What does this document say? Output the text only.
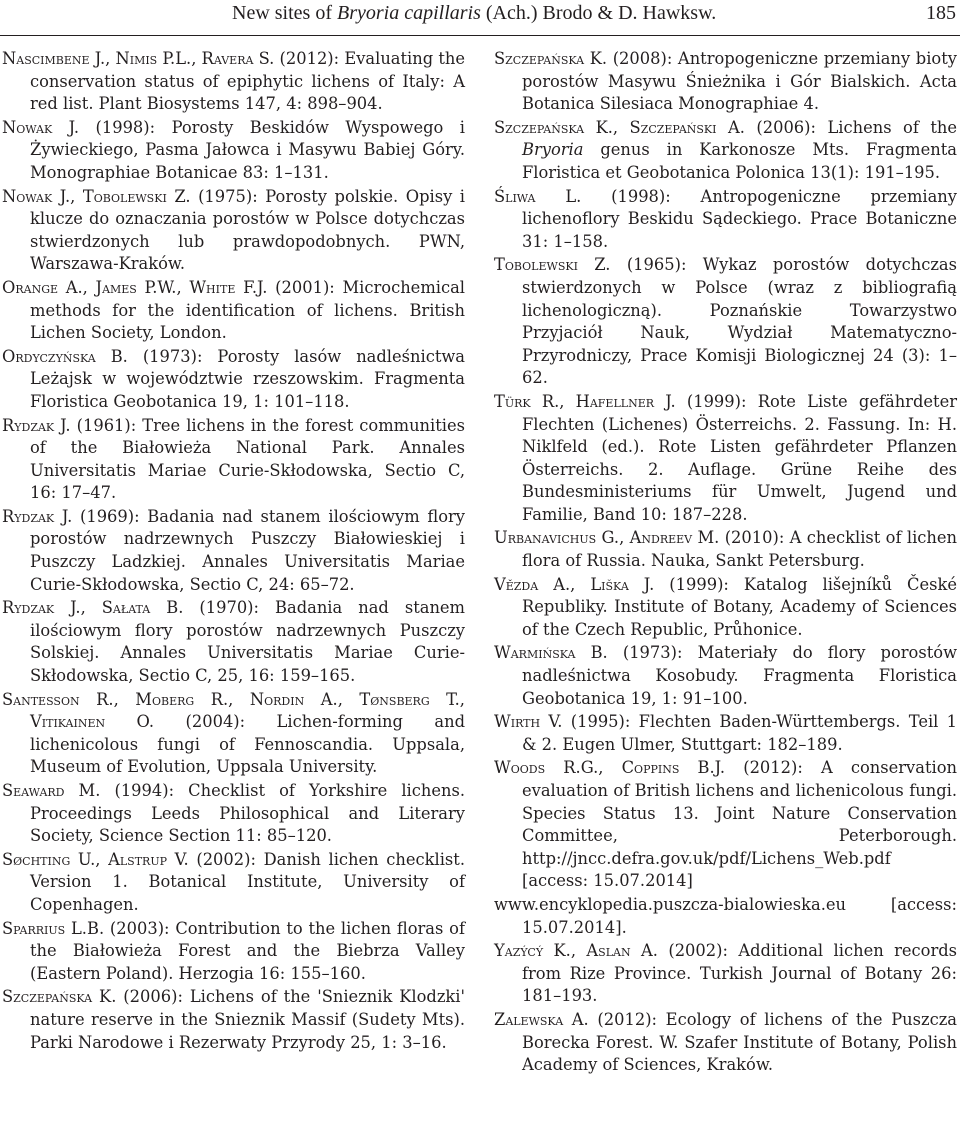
New sites of Bryoria capillaris (Ach.) Brodo & D. Hawksw.	185

Nascimbene J., Nimis P.L., Ravera S. (2012): Evaluating the conservation status of epiphytic lichens of Italy: A red list. Plant Biosystems 147, 4: 898–904.

Nowak J. (1998): Porosty Beskidów Wyspowego i Żywieckiego, Pasma Jałowca i Masywu Babiej Góry. Monographiae Botanicae 83: 1–131.

Nowak J., Tobolewski Z. (1975): Porosty polskie. Opisy i klucze do oznaczania porostów w Polsce dotychczas stwierdzonych lub prawdopodobnych. PWN, Warszawa-Kraków.

Orange A., James P.W., White F.J. (2001): Microchemical methods for the identification of lichens. British Lichen Society, London.

Ordyczyńska B. (1973): Porosty lasów nadleśnictwa Leżajsk w województwie rzeszowskim. Fragmenta Floristica Geobotanica 19, 1: 101–118.

Rydzak J. (1961): Tree lichens in the forest communities of the Białowieża National Park. Annales Universitatis Mariae Curie-Skłodowska, Sectio C, 16: 17–47.

Rydzak J. (1969): Badania nad stanem ilościowym flory porostów nadrzewnych Puszczy Białowieskiej i Puszczy Ladzkiej. Annales Universitatis Mariae Curie-Skłodowska, Sectio C, 24: 65–72.

Rydzak J., Sałata B. (1970): Badania nad stanem ilościowym flory porostów nadrzewnych Puszczy Solskiej. Annales Universitatis Mariae Curie-Skłodowska, Sectio C, 25, 16: 159–165.

Santesson R., Moberg R., Nordin A., Tønsberg T., Vitikainen O. (2004): Lichen-forming and lichenicolous fungi of Fennoscandia. Uppsala, Museum of Evolution, Uppsala University.

Seaward M. (1994): Checklist of Yorkshire lichens. Proceedings Leeds Philosophical and Literary Society, Science Section 11: 85–120.

Søchting U., Alstrup V. (2002): Danish lichen checklist. Version 1. Botanical Institute, University of Copenhagen.

Sparrius L.B. (2003): Contribution to the lichen floras of the Białowieża Forest and the Biebrza Valley (Eastern Poland). Herzogia 16: 155–160.

Szczepańska K. (2006): Lichens of the 'Snieznik Klodzki' nature reserve in the Snieznik Massif (Sudety Mts). Parki Narodowe i Rezerwaty Przyrody 25, 1: 3–16.

Szczepańska K. (2008): Antropogeniczne przemiany bioty porostów Masywu Śnieżnika i Gór Bialskich. Acta Botanica Silesiaca Monographiae 4.

Szczepańska K., Szczepański A. (2006): Lichens of the Bryoria genus in Karkonosze Mts. Fragmenta Floristica et Geobotanica Polonica 13(1): 191–195.

Śliwa L. (1998): Antropogeniczne przemiany lichenoflory Beskidu Sądeckiego. Prace Botaniczne 31: 1–158.

Tobolewski Z. (1965): Wykaz porostów dotychczas stwierdzonych w Polsce (wraz z bibliografią lichenologiczną). Poznańskie Towarzystwo Przyjaciół Nauk, Wydział Matematyczno-Przyrodniczy, Prace Komisji Biologicznej 24 (3): 1–62.

Türk R., Hafellner J. (1999): Rote Liste gefährdeter Flechten (Lichenes) Österreichs. 2. Fassung. In: H. Niklfeld (ed.). Rote Listen gefährdeter Pflanzen Österreichs. 2. Auflage. Grüne Reihe des Bundesministeriums für Umwelt, Jugend und Familie, Band 10: 187–228.

Urbanavichus G., Andreev M. (2010): A checklist of lichen flora of Russia. Nauka, Sankt Petersburg.

Vězda A., Liška J. (1999): Katalog lišejníků České Republiky. Institute of Botany, Academy of Sciences of the Czech Republic, Průhonice.

Warmińska B. (1973): Materiały do flory porostów nadleśnictwa Kosobudy. Fragmenta Floristica Geobotanica 19, 1: 91–100.

Wirth V. (1995): Flechten Baden-Württembergs. Teil 1 & 2. Eugen Ulmer, Stuttgart: 182–189.

Woods R.G., Coppins B.J. (2012): A conservation evaluation of British lichens and lichenicolous fungi. Species Status 13. Joint Nature Conservation Committee, Peterborough. http://jncc.defra.gov.uk/pdf/Lichens_Web.pdf [access: 15.07.2014]

www.encyklopedia.puszcza-bialowieska.eu [access: 15.07.2014].

Yazýcý K., Aslan A. (2002): Additional lichen records from Rize Province. Turkish Journal of Botany 26: 181–193.

Zalewska A. (2012): Ecology of lichens of the Puszcza Borecka Forest. W. Szafer Institute of Botany, Polish Academy of Sciences, Kraków.
